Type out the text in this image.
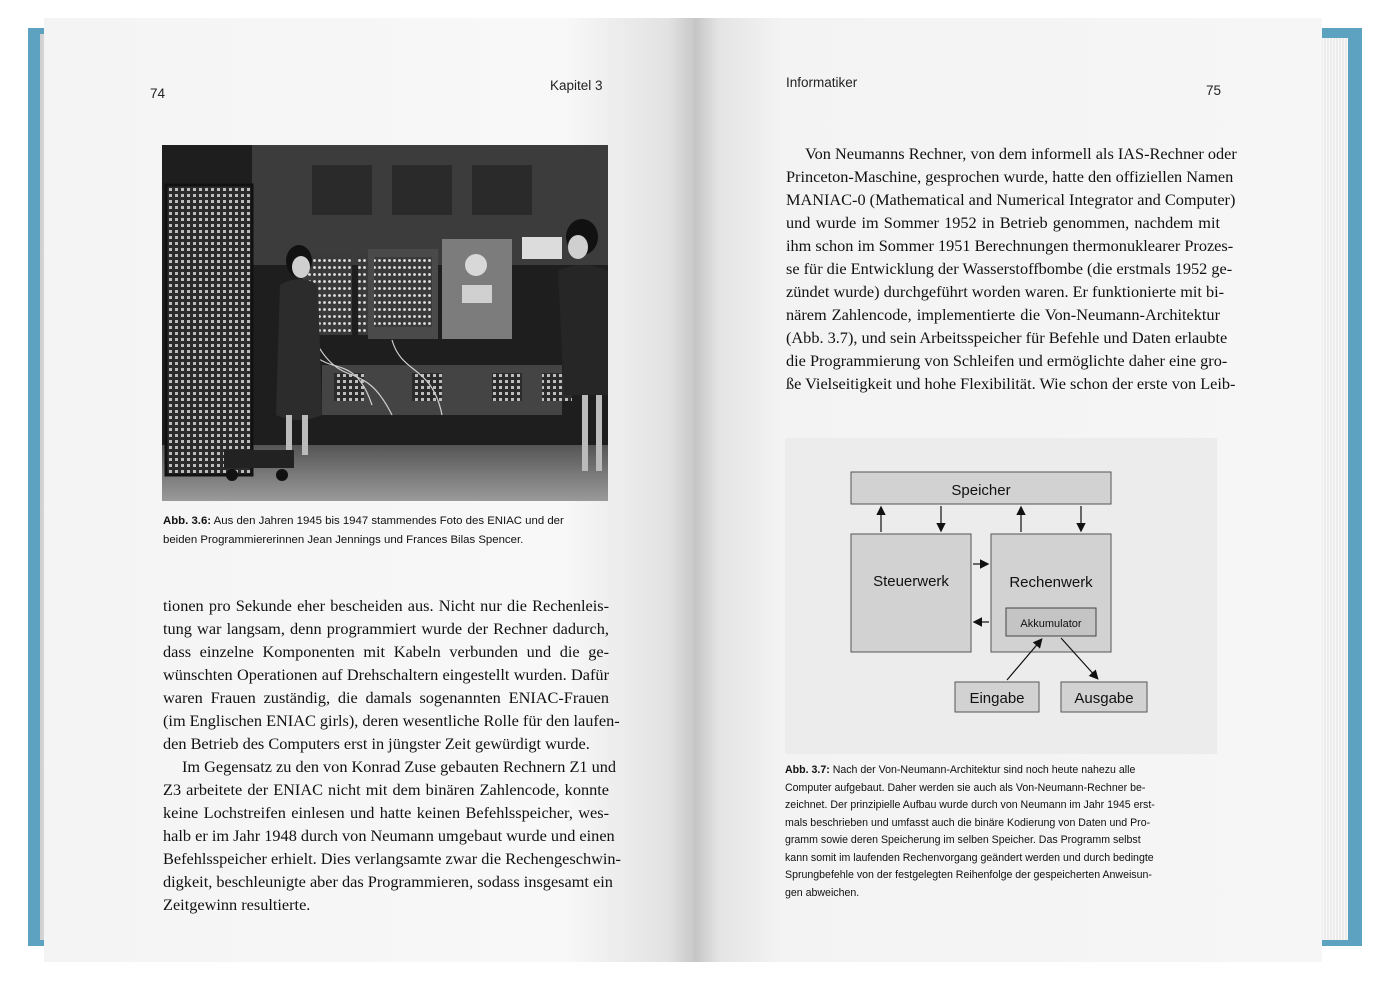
74

Kapitel 3

Abb. 3.6: Aus den Jahren 1945 bis 1947 stammendes Foto des ENIAC und der
beiden Programmiererinnen Jean Jennings und Frances Bilas Spencer.

tionen pro Sekunde eher bescheiden aus. Nicht nur die Rechenleis-
tung war langsam, denn programmiert wurde der Rechner dadurch,
dass einzelne Komponenten mit Kabeln verbunden und die ge-
wünschten Operationen auf Drehschaltern eingestellt wurden. Dafür
waren Frauen zuständig, die damals sogenannten ENIAC-Frauen
(im Englischen ENIAC girls), deren wesentliche Rolle für den laufen-
den Betrieb des Computers erst in jüngster Zeit gewürdigt wurde.
Im Gegensatz zu den von Konrad Zuse gebauten Rechnern Z1 und
Z3 arbeitete der ENIAC nicht mit dem binären Zahlencode, konnte
keine Lochstreifen einlesen und hatte keinen Befehlsspeicher, wes-
halb er im Jahr 1948 durch von Neumann umgebaut wurde und einen
Befehlsspeicher erhielt. Dies verlangsamte zwar die Rechengeschwin-
digkeit, beschleunigte aber das Programmieren, sodass insgesamt ein
Zeitgewinn resultierte.

Informatiker

75

Von Neumanns Rechner, von dem informell als IAS-Rechner oder
Princeton-Maschine, gesprochen wurde, hatte den offiziellen Namen
MANIAC-0 (Mathematical and Numerical Integrator and Computer)
und wurde im Sommer 1952 in Betrieb genommen, nachdem mit
ihm schon im Sommer 1951 Berechnungen thermonuklearer Prozes-
se für die Entwicklung der Wasserstoffbombe (die erstmals 1952 ge-
zündet wurde) durchgeführt worden waren. Er funktionierte mit bi-
närem Zahlencode, implementierte die Von-Neumann-Architektur
(Abb. 3.7), und sein Arbeitsspeicher für Befehle und Daten erlaubte
die Programmierung von Schleifen und ermöglichte daher eine gro-
ße Vielseitigkeit und hohe Flexibilität. Wie schon der erste von Leib-
Speicher
Steuerwerk	Rechenwerk
Akkumulator
Eingabe	Ausgabe

Abb. 3.7: Nach der Von-Neumann-Architektur sind noch heute nahezu alle
Computer aufgebaut. Daher werden sie auch als Von-Neumann-Rechner be-
zeichnet. Der prinzipielle Aufbau wurde durch von Neumann im Jahr 1945 erst-
mals beschrieben und umfasst auch die binäre Kodierung von Daten und Pro-
gramm sowie deren Speicherung im selben Speicher. Das Programm selbst
kann somit im laufenden Rechenvorgang geändert werden und durch bedingte
Sprungbefehle von der festgelegten Reihenfolge der gespeicherten Anweisun-
gen abweichen.
